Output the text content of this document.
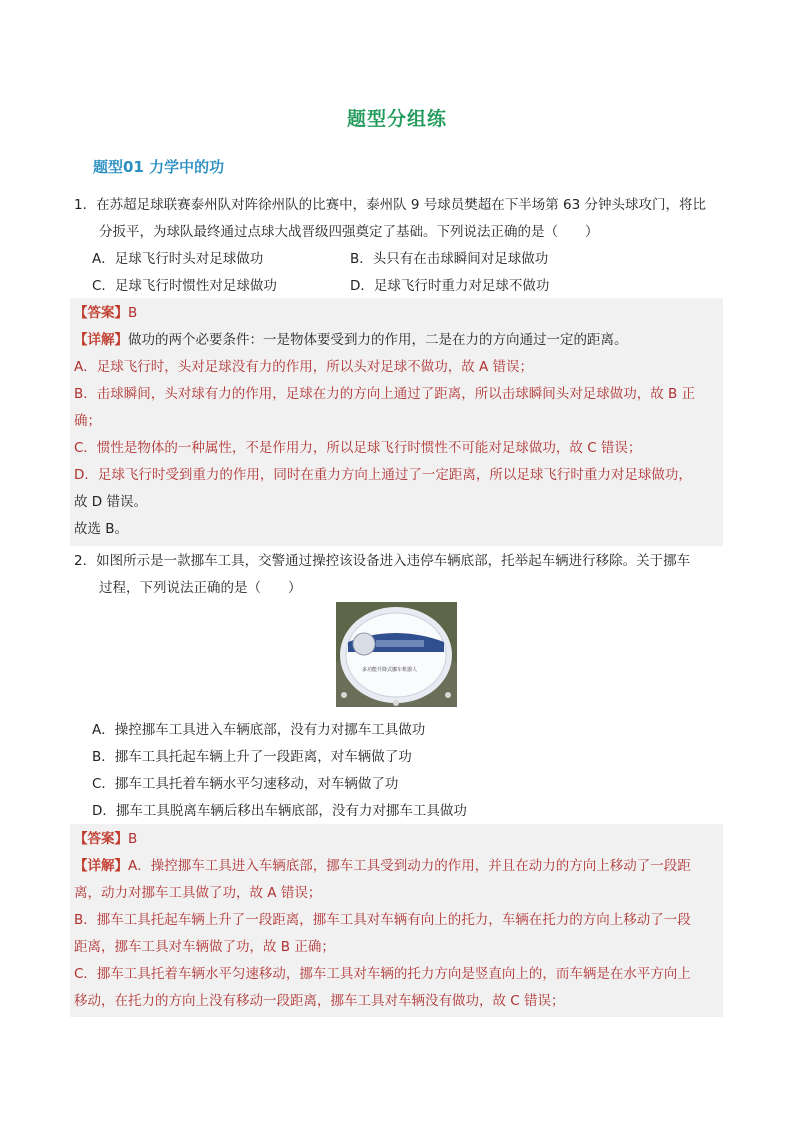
题型分组练
题型01 力学中的功
1．在苏超足球联赛泰州队对阵徐州队的比赛中，泰州队 9 号球员樊超在下半场第 63 分钟头球攻门，将比
分扳平，为球队最终通过点球大战晋级四强奠定了基础。下列说法正确的是（　　）
A．足球飞行时头对足球做功	B．头只有在击球瞬间对足球做功
C．足球飞行时惯性对足球做功	D．足球飞行时重力对足球不做功
【答案】B
【详解】做功的两个必要条件：一是物体要受到力的作用，二是在力的方向通过一定的距离。
A．足球飞行时，头对足球没有力的作用，所以头对足球不做功，故 A 错误；
B．击球瞬间，头对球有力的作用，足球在力的方向上通过了距离，所以击球瞬间头对足球做功，故 B 正
确；
C．惯性是物体的一种属性，不是作用力，所以足球飞行时惯性不可能对足球做功，故 C 错误；
D．足球飞行时受到重力的作用，同时在重力方向上通过了一定距离，所以足球飞行时重力对足球做功，
故 D 错误。
故选 B。
2．如图所示是一款挪车工具，交警通过操控该设备进入违停车辆底部，托举起车辆进行移除。关于挪车
过程，下列说法正确的是（　　）
多功能升降式挪车机器人
A．操控挪车工具进入车辆底部，没有力对挪车工具做功
B．挪车工具托起车辆上升了一段距离，对车辆做了功
C．挪车工具托着车辆水平匀速移动，对车辆做了功
D．挪车工具脱离车辆后移出车辆底部，没有力对挪车工具做功
【答案】B
【详解】A．操控挪车工具进入车辆底部，挪车工具受到动力的作用，并且在动力的方向上移动了一段距
离，动力对挪车工具做了功，故 A 错误；
B．挪车工具托起车辆上升了一段距离，挪车工具对车辆有向上的托力，车辆在托力的方向上移动了一段
距离，挪车工具对车辆做了功，故 B 正确；
C．挪车工具托着车辆水平匀速移动，挪车工具对车辆的托力方向是竖直向上的，而车辆是在水平方向上
移动，在托力的方向上没有移动一段距离，挪车工具对车辆没有做功，故 C 错误；
